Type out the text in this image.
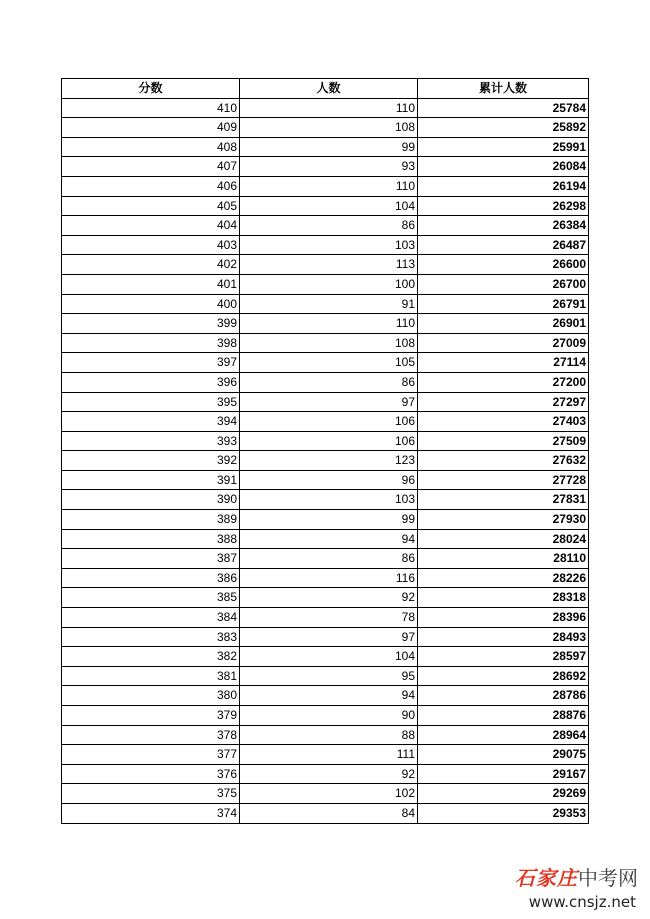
分数	人数	累计人数
410	110	25784
409	108	25892
408	99	25991
407	93	26084
406	110	26194
405	104	26298
404	86	26384
403	103	26487
402	113	26600
401	100	26700
400	91	26791
399	110	26901
398	108	27009
397	105	27114
396	86	27200
395	97	27297
394	106	27403
393	106	27509
392	123	27632
391	96	27728
390	103	27831
389	99	27930
388	94	28024
387	86	28110
386	116	28226
385	92	28318
384	78	28396
383	97	28493
382	104	28597
381	95	28692
380	94	28786
379	90	28876
378	88	28964
377	111	29075
376	92	29167
375	102	29269
374	84	29353
石家庄中考网
www.cnsjz.net
